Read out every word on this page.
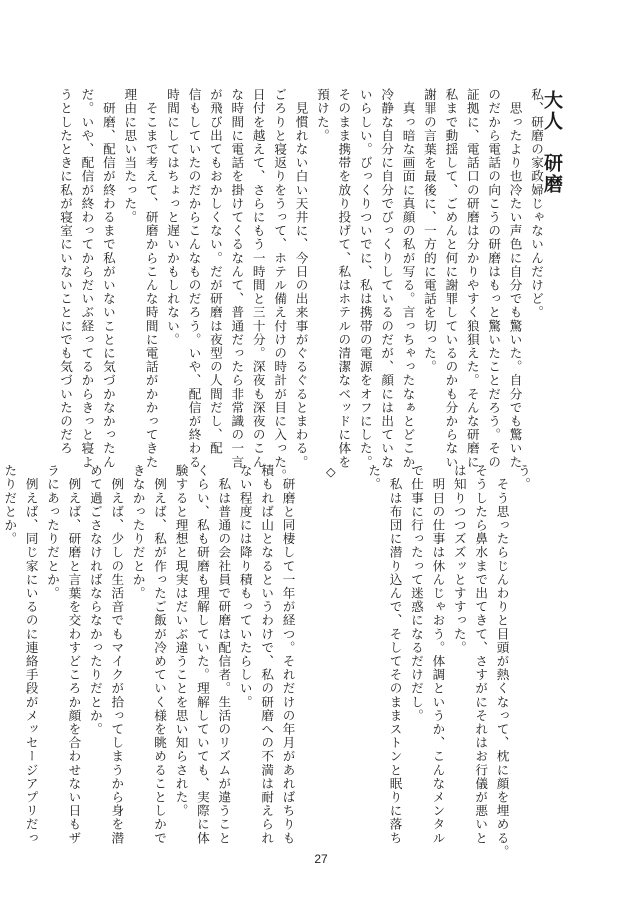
大人　研磨
私、研磨の家政婦じゃないんだけど。
　思ったより也冷たい声色に自分でも驚いた。自分でも驚いた
のだから電話の向こうの研磨はもっと驚いたことだろう。その
証拠に、電話口の研磨は分かりやすく狼狽えた。そんな研磨に
私まで動揺して、ごめんと何に謝罪しているのかも分からない
謝罪の言葉を最後に、一方的に電話を切った。
　真っ暗な画面に真顔の私が写る。言っちゃったなぁとどこか
冷静な自分に自分でびっくりしているのだが、顔には出ていな
いらしい。びっくりついでに、私は携帯の電源をオフにした。
そのまま携帯を放り投げて、私はホテルの清潔なベッドに体を
預けた。
　見慣れない白い天井に、今日の出来事がぐるぐるとまわる。
ごろりと寝返りをうって、ホテル備え付けの時計が目に入った。
日付を越えて、さらにもう一時間と三十分。深夜も深夜のこん
な時間に電話を掛けてくるなんて、普通だったら非常識の一言
が飛び出てもおかしくない。だが研磨は夜型の人間だし、配
信もしていたのだからこんなものだろう。いや、配信が終わる
時間にしてはちょっと遅いかもしれない。
　そこまで考えて、研磨からこんな時間に電話がかかってきた
理由に思い当たった。
　研磨、配信が終わるまで私がいないことに気づかなかったん
だ。いや、配信が終わってからだいぶ経ってるからきっと寝よ
うとしたときに私が寝室にいないことにでも気づいたのだろ
う。
　そう思ったらじんわりと目頭が熱くなって、枕に顔を埋める。
そうしたら鼻水まで出てきて、さすがにそれはお行儀が悪いと
は知りつつズズッとすすった。
　明日の仕事は休んじゃおう。体調というか、こんなメンタル
で仕事に行ったって迷惑になるだけだし。
　私は布団に潜り込んで、そしてそのままストンと眠りに落ち
た。

◇

　研磨と同棲して一年が経つ。それだけの年月があればちりも
積もれば山となるというわけで、私の研磨への不満は耐えられ
ない程度には降り積もっていたらしい。
　私は普通の会社員で研磨は配信者。生活のリズムが違うこと
くらい、私も研磨も理解していた。理解していても、実際に体
験すると理想と現実はだいぶ違うことを思い知らされた。
　例えば、私が作ったご飯が冷めていく様を眺めることしかで
きなかったりだとか。
　例えば、少しの生活音でもマイクが拾ってしまうから身を潜
めて過ごさなければならなかったりだとか。
　例えば、研磨と言葉を交わすどころか顔を合わせない日もザ
ラにあったりだとか。
　例えば、同じ家にいるのに連絡手段がメッセージアプリだっ
たりだとか。
27
